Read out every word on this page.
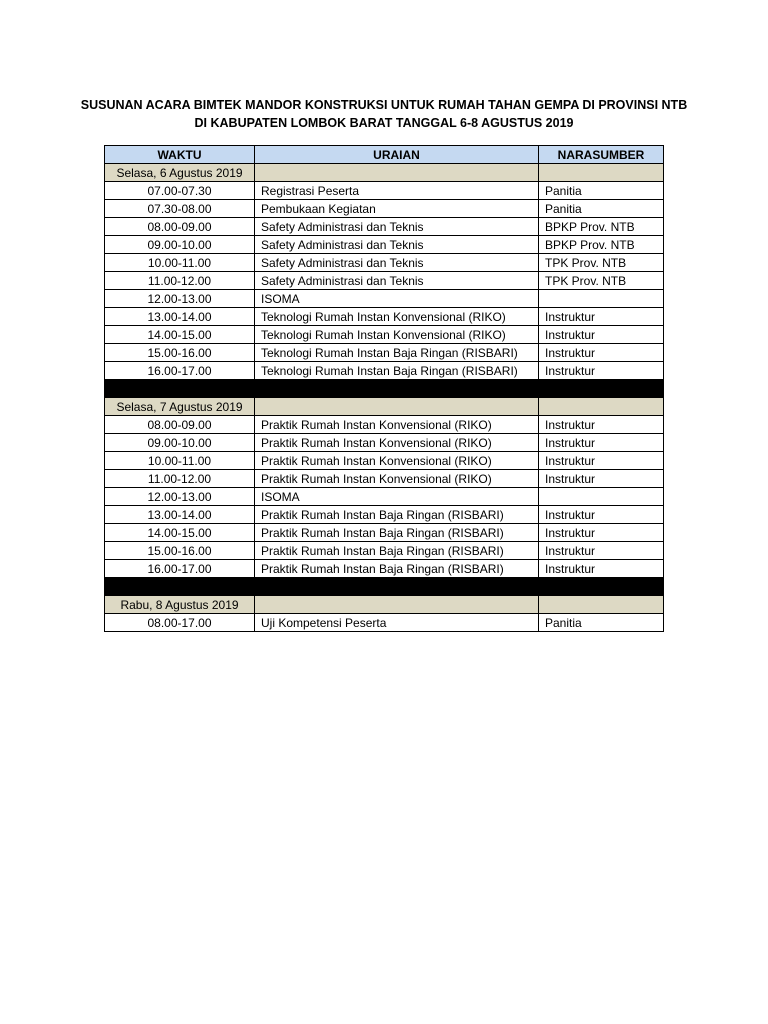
SUSUNAN ACARA BIMTEK MANDOR KONSTRUKSI UNTUK RUMAH TAHAN GEMPA DI PROVINSI NTB
DI KABUPATEN LOMBOK BARAT TANGGAL 6-8 AGUSTUS 2019
WAKTU	URAIAN	NARASUMBER
Selasa, 6 Agustus 2019		
07.00-07.30	Registrasi Peserta	Panitia
07.30-08.00	Pembukaan Kegiatan	Panitia
08.00-09.00	Safety Administrasi dan Teknis	BPKP Prov. NTB
09.00-10.00	Safety Administrasi dan Teknis	BPKP Prov. NTB
10.00-11.00	Safety Administrasi dan Teknis	TPK Prov. NTB
11.00-12.00	Safety Administrasi dan Teknis	TPK Prov. NTB
12.00-13.00	ISOMA	
13.00-14.00	Teknologi Rumah Instan Konvensional (RIKO)	Instruktur
14.00-15.00	Teknologi Rumah Instan Konvensional (RIKO)	Instruktur
15.00-16.00	Teknologi Rumah Instan Baja Ringan (RISBARI)	Instruktur
16.00-17.00	Teknologi Rumah Instan Baja Ringan (RISBARI)	Instruktur

Selasa, 7 Agustus 2019		
08.00-09.00	Praktik Rumah Instan Konvensional (RIKO)	Instruktur
09.00-10.00	Praktik Rumah Instan Konvensional (RIKO)	Instruktur
10.00-11.00	Praktik Rumah Instan Konvensional (RIKO)	Instruktur
11.00-12.00	Praktik Rumah Instan Konvensional (RIKO)	Instruktur
12.00-13.00	ISOMA	
13.00-14.00	Praktik Rumah Instan Baja Ringan (RISBARI)	Instruktur
14.00-15.00	Praktik Rumah Instan Baja Ringan (RISBARI)	Instruktur
15.00-16.00	Praktik Rumah Instan Baja Ringan (RISBARI)	Instruktur
16.00-17.00	Praktik Rumah Instan Baja Ringan (RISBARI)	Instruktur

Rabu, 8 Agustus 2019		
08.00-17.00	Uji Kompetensi Peserta	Panitia
